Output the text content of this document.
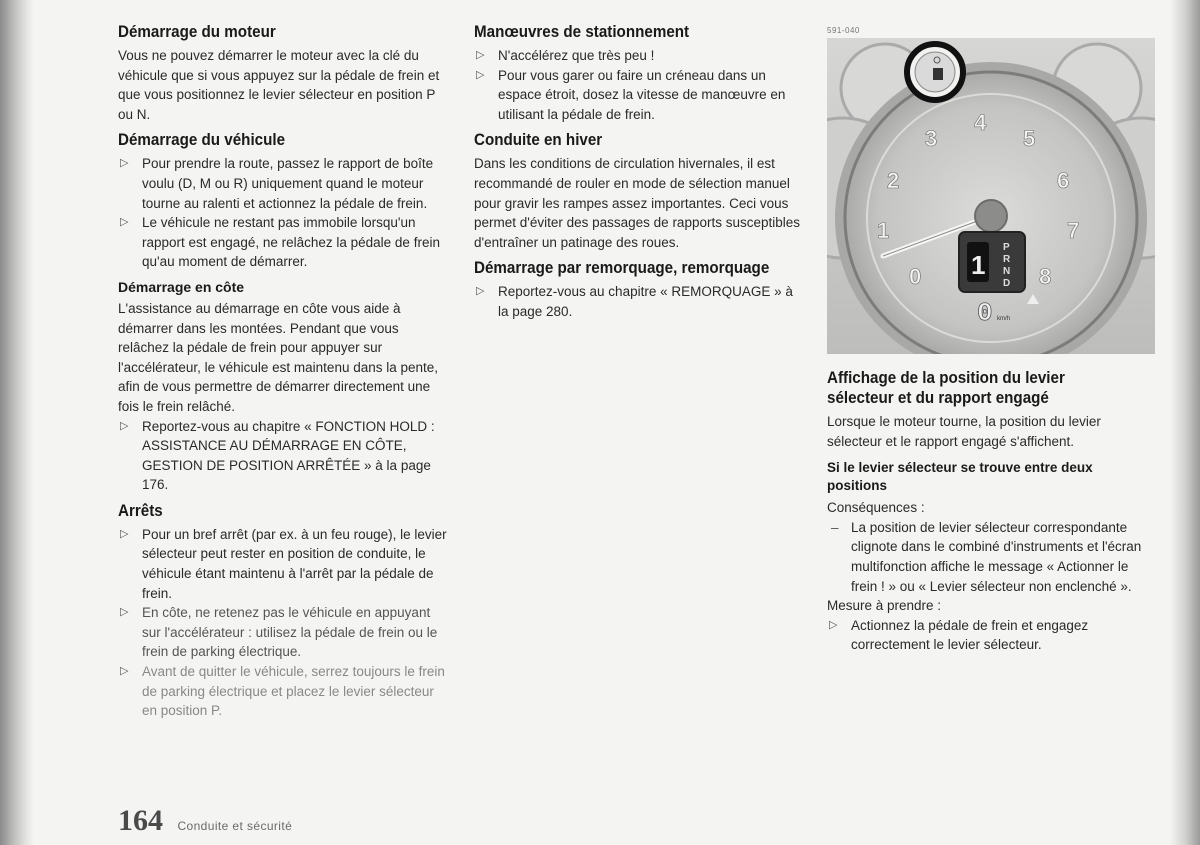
Démarrage du moteur

Vous ne pouvez démarrer le moteur avec la clé du véhicule que si vous appuyez sur la pédale de frein et que vous positionnez le levier sélecteur en position P ou N.

Démarrage du véhicule
▷ Pour prendre la route, passez le rapport de boîte voulu (D, M ou R) uniquement quand le moteur tourne au ralenti et actionnez la pédale de frein.
▷ Le véhicule ne restant pas immobile lorsqu'un rapport est engagé, ne relâchez la pédale de frein qu'au moment de démarrer.
Démarrage en côte

L'assistance au démarrage en côte vous aide à démarrer dans les montées. Pendant que vous relâchez la pédale de frein pour appuyer sur l'accélérateur, le véhicule est maintenu dans la pente, afin de vous permettre de démarrer directement une fois le frein relâché.

▷ Reportez-vous au chapitre « FONCTION HOLD : ASSISTANCE AU DÉMARRAGE EN CÔTE, GESTION DE POSITION ARRÊTÉE » à la page 176.
Arrêts
▷ Pour un bref arrêt (par ex. à un feu rouge), le levier sélecteur peut rester en position de conduite, le véhicule étant maintenu à l'arrêt par la pédale de frein.
▷ En côte, ne retenez pas le véhicule en appuyant sur l'accélérateur : utilisez la pédale de frein ou le frein de parking électrique.
▷ Avant de quitter le véhicule, serrez toujours le frein de parking électrique et placez le levier sélecteur en position P.
Manœuvres de stationnement
▷ N'accélérez que très peu !
▷ Pour vous garer ou faire un créneau dans un espace étroit, dosez la vitesse de manœuvre en utilisant la pédale de frein.
Conduite en hiver

Dans les conditions de circulation hivernales, il est recommandé de rouler en mode de sélection manuel pour gravir les rampes assez importantes. Ceci vous permet d'éviter des passages de rapports susceptibles d'entraîner un patinage des roues.

Démarrage par remorquage, remorquage
▷ Reportez-vous au chapitre « REMORQUAGE » à la page 280.
591-040
0
1
2
3
4
5
6
7
8
1
P
R
N
D
0 km/h
Affichage de la position du levier sélecteur et du rapport engagé

Lorsque le moteur tourne, la position du levier sélecteur et le rapport engagé s'affichent.

Si le levier sélecteur se trouve entre deux positions

Conséquences :

– La position de levier sélecteur correspondante clignote dans le combiné d'instruments et l'écran multifonction affiche le message « Actionner le frein ! » ou « Levier sélecteur non enclenché ».

Mesure à prendre :

▷ Actionnez la pédale de frein et engagez correctement le levier sélecteur.
164 Conduite et sécurité
